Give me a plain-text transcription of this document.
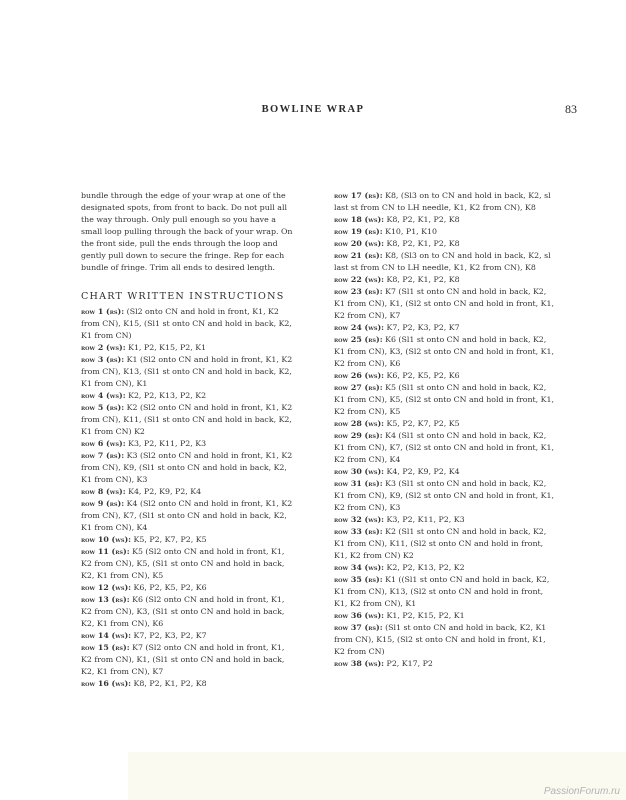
BOWLINE WRAP	83

bundle through the edge of your wrap at one of the designated spots, from front to back. Do not pull all the way through. Only pull enough so you have a small loop pulling through the back of your wrap. On the front side, pull the ends through the loop and gently pull down to secure the fringe. Rep for each bundle of fringe. Trim all ends to desired length.

CHART WRITTEN INSTRUCTIONS

row 1 (rs): (Sl2 onto CN and hold in front, K1, K2 from CN), K15, (Sl1 st onto CN and hold in back, K2, K1 from CN)

row 2 (ws): K1, P2, K15, P2, K1

row 3 (rs): K1 (Sl2 onto CN and hold in front, K1, K2 from CN), K13, (Sl1 st onto CN and hold in back, K2, K1 from CN), K1

row 4 (ws): K2, P2, K13, P2, K2

row 5 (rs): K2 (Sl2 onto CN and hold in front, K1, K2 from CN), K11, (Sl1 st onto CN and hold in back, K2, K1 from CN) K2

row 6 (ws): K3, P2, K11, P2, K3

row 7 (rs): K3 (Sl2 onto CN and hold in front, K1, K2 from CN), K9, (Sl1 st onto CN and hold in back, K2, K1 from CN), K3

row 8 (ws): K4, P2, K9, P2, K4

row 9 (rs): K4 (Sl2 onto CN and hold in front, K1, K2 from CN), K7, (Sl1 st onto CN and hold in back, K2, K1 from CN), K4

row 10 (ws): K5, P2, K7, P2, K5

row 11 (rs): K5 (Sl2 onto CN and hold in front, K1, K2 from CN), K5, (Sl1 st onto CN and hold in back, K2, K1 from CN), K5

row 12 (ws): K6, P2, K5, P2, K6

row 13 (rs): K6 (Sl2 onto CN and hold in front, K1, K2 from CN), K3, (Sl1 st onto CN and hold in back, K2, K1 from CN), K6

row 14 (ws): K7, P2, K3, P2, K7

row 15 (rs): K7 (Sl2 onto CN and hold in front, K1, K2 from CN), K1, (Sl1 st onto CN and hold in back, K2, K1 from CN), K7

row 16 (ws): K8, P2, K1, P2, K8

row 17 (rs): K8, (Sl3 on to CN and hold in back, K2, sl last st from CN to LH needle, K1, K2 from CN), K8

row 18 (ws): K8, P2, K1, P2, K8

row 19 (rs): K10, P1, K10

row 20 (ws): K8, P2, K1, P2, K8

row 21 (rs): K8, (Sl3 on to CN and hold in back, K2, sl last st from CN to LH needle, K1, K2 from CN), K8

row 22 (ws): K8, P2, K1, P2, K8

row 23 (rs): K7 (Sl1 st onto CN and hold in back, K2, K1 from CN), K1, (Sl2 st onto CN and hold in front, K1, K2 from CN), K7

row 24 (ws): K7, P2, K3, P2, K7

row 25 (rs): K6 (Sl1 st onto CN and hold in back, K2, K1 from CN), K3, (Sl2 st onto CN and hold in front, K1, K2 from CN), K6

row 26 (ws): K6, P2, K5, P2, K6

row 27 (rs): K5 (Sl1 st onto CN and hold in back, K2, K1 from CN), K5, (Sl2 st onto CN and hold in front, K1, K2 from CN), K5

row 28 (ws): K5, P2, K7, P2, K5

row 29 (rs): K4 (Sl1 st onto CN and hold in back, K2, K1 from CN), K7, (Sl2 st onto CN and hold in front, K1, K2 from CN), K4

row 30 (ws): K4, P2, K9, P2, K4

row 31 (rs): K3 (Sl1 st onto CN and hold in back, K2, K1 from CN), K9, (Sl2 st onto CN and hold in front, K1, K2 from CN), K3

row 32 (ws): K3, P2, K11, P2, K3

row 33 (rs): K2 (Sl1 st onto CN and hold in back, K2, K1 from CN), K11, (Sl2 st onto CN and hold in front, K1, K2 from CN) K2

row 34 (ws): K2, P2, K13, P2, K2

row 35 (rs): K1 ((Sl1 st onto CN and hold in back, K2, K1 from CN), K13, (Sl2 st onto CN and hold in front, K1, K2 from CN), K1

row 36 (ws): K1, P2, K15, P2, K1

row 37 (rs): (Sl1 st onto CN and hold in back, K2, K1 from CN), K15, (Sl2 st onto CN and hold in front, K1, K2 from CN)

row 38 (ws): P2, K17, P2

PassionForum.ru
